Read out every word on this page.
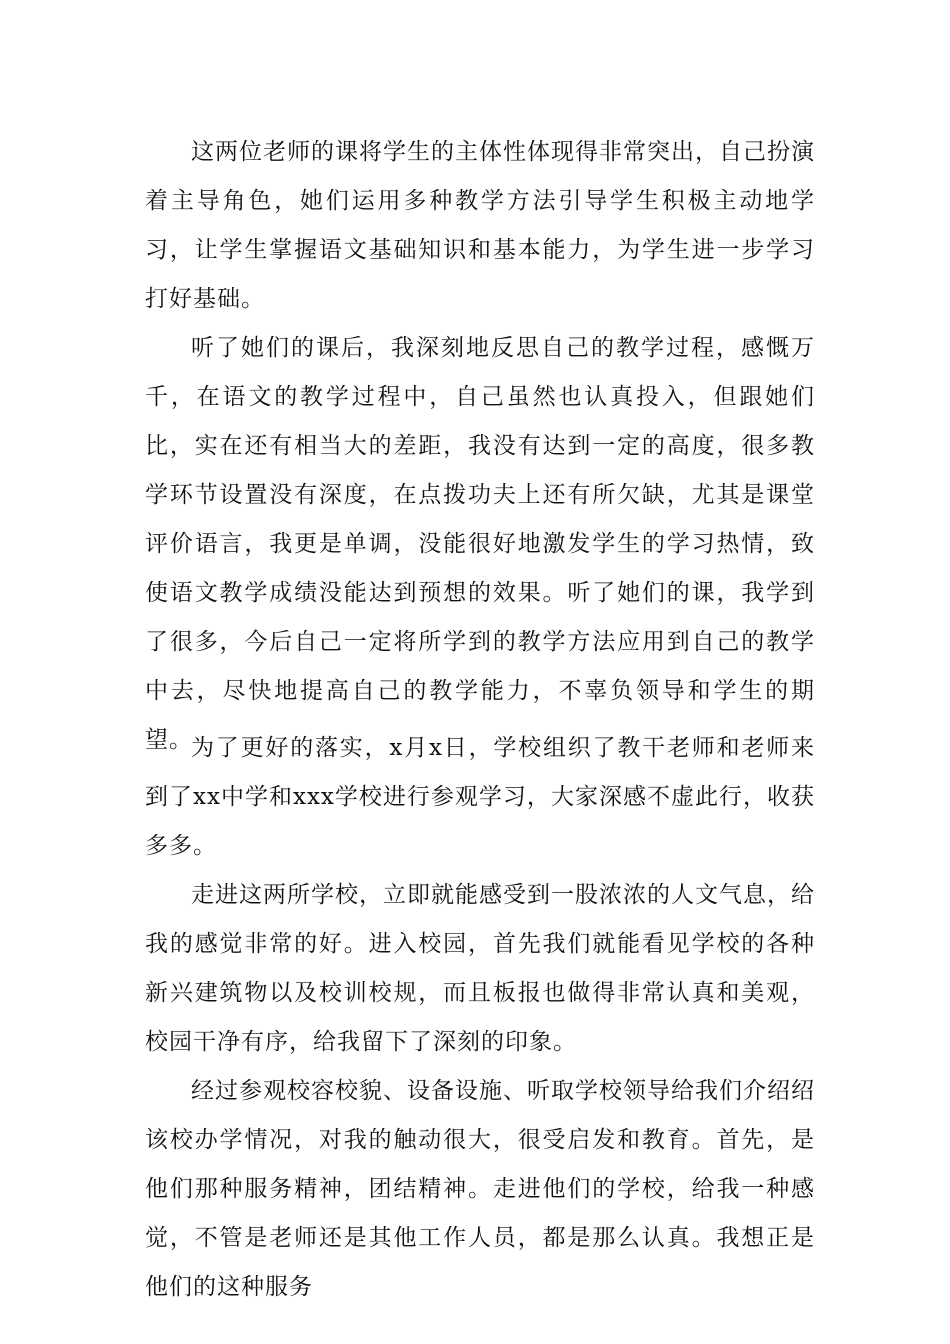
这两位老师的课将学生的主体性体现得非常突出，自己扮演着主导角色，她们运用多种教学方法引导学生积极主动地学习，让学生掌握语文基础知识和基本能力，为学生进一步学习打好基础。

听了她们的课后，我深刻地反思自己的教学过程，感慨万千，在语文的教学过程中，自己虽然也认真投入，但跟她们比，实在还有相当大的差距，我没有达到一定的高度，很多教学环节设置没有深度，在点拨功夫上还有所欠缺，尤其是课堂评价语言，我更是单调，没能很好地激发学生的学习热情，致使语文教学成绩没能达到预想的效果。听了她们的课，我学到了很多，今后自己一定将所学到的教学方法应用到自己的教学中去，尽快地提高自己的教学能力，不辜负领导和学生的期望。

为了更好的落实，x月x日，学校组织了教干老师和老师来到了xx中学和xxx学校进行参观学习，大家深感不虚此行，收获多多。

走进这两所学校，立即就能感受到一股浓浓的人文气息，给我的感觉非常的好。进入校园，首先我们就能看见学校的各种新兴建筑物以及校训校规，而且板报也做得非常认真和美观，校园干净有序，给我留下了深刻的印象。

经过参观校容校貌、设备设施、听取学校领导给我们介绍绍该校办学情况，对我的触动很大，很受启发和教育。首先，是他们那种服务精神，团结精神。走进他们的学校，给我一种感觉，不管是老师还是其他工作人员，都是那么认真。我想正是他们的这种服务
